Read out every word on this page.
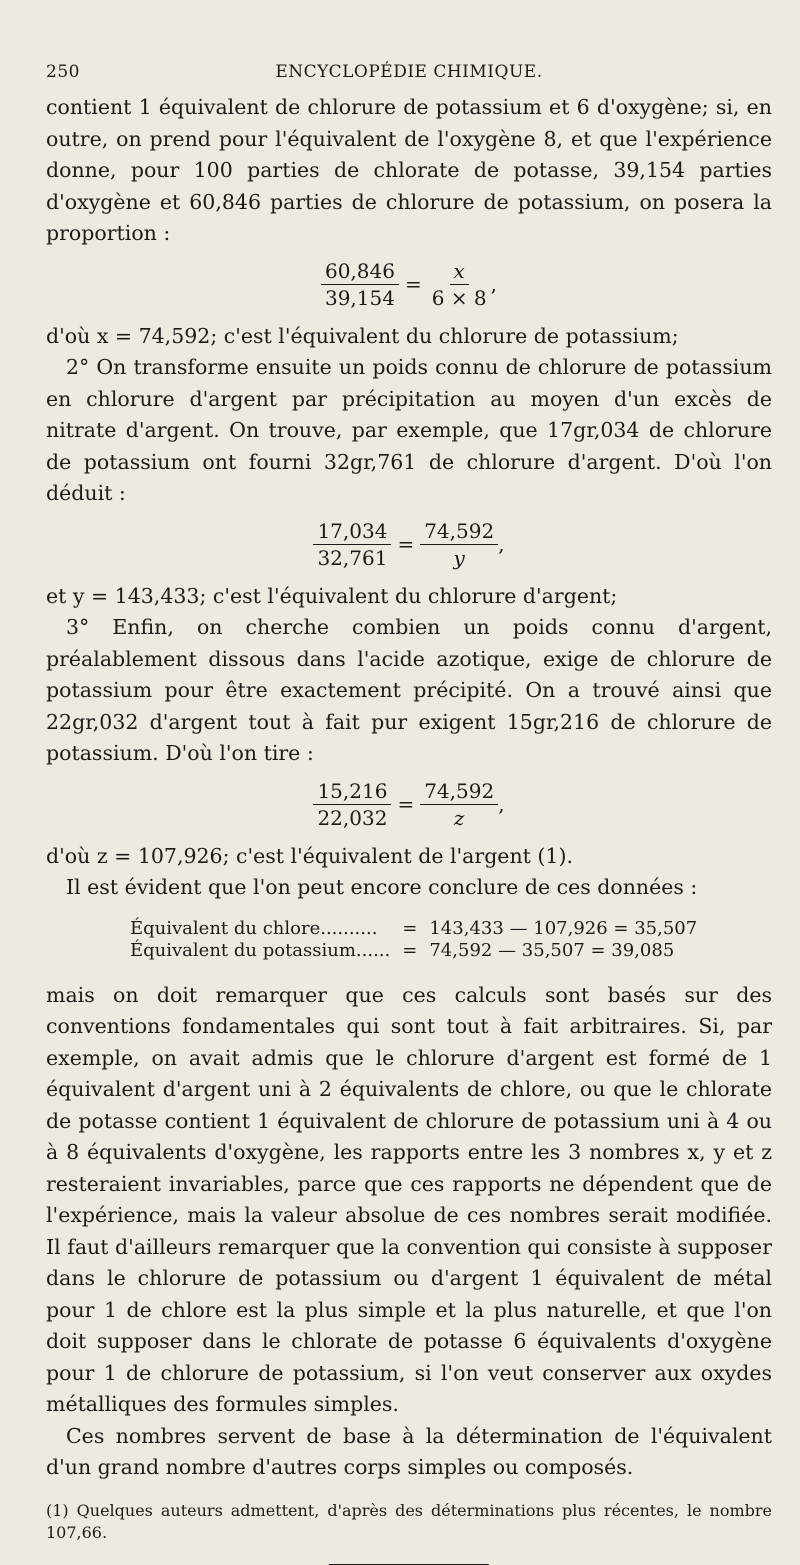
250	ENCYCLOPÉDIE CHIMIQUE.

contient 1 équivalent de chlorure de potassium et 6 d'oxygène; si, en outre, on prend pour l'équivalent de l'oxygène 8, et que l'expérience donne, pour 100 parties de chlorate de potasse, 39,154 parties d'oxygène et 60,846 parties de chlorure de potassium, on posera la proportion :

$\frac{60,846}{39,154} = \frac{x}{6 \times 8}$ ,

d'où x = 74,592; c'est l'équivalent du chlorure de potassium;

2° On transforme ensuite un poids connu de chlorure de potassium en chlorure d'argent par précipitation au moyen d'un excès de nitrate d'argent. On trouve, par exemple, que 17gr,034 de chlorure de potassium ont fourni 32gr,761 de chlorure d'argent. D'où l'on déduit :

$\frac{17,034}{32,761} = \frac{74,592}{y}$ ,

et y = 143,433; c'est l'équivalent du chlorure d'argent;

3° Enfin, on cherche combien un poids connu d'argent, préalablement dissous dans l'acide azotique, exige de chlorure de potassium pour être exactement précipité. On a trouvé ainsi que 22gr,032 d'argent tout à fait pur exigent 15gr,216 de chlorure de potassium. D'où l'on tire :

$\frac{15,216}{22,032} = \frac{74,592}{z}$ ,

d'où z = 107,926; c'est l'équivalent de l'argent (1).

Il est évident que l'on peut encore conclure de ces données :

Équivalent du chlore..........	=	143,433 — 107,926 = 35,507
Équivalent du potassium......	=	74,592 — 35,507 = 39,085

mais on doit remarquer que ces calculs sont basés sur des conventions fondamentales qui sont tout à fait arbitraires. Si, par exemple, on avait admis que le chlorure d'argent est formé de 1 équivalent d'argent uni à 2 équivalents de chlore, ou que le chlorate de potasse contient 1 équivalent de chlorure de potassium uni à 4 ou à 8 équivalents d'oxygène, les rapports entre les 3 nombres x, y et z resteraient invariables, parce que ces rapports ne dépendent que de l'expérience, mais la valeur absolue de ces nombres serait modifiée. Il faut d'ailleurs remarquer que la convention qui consiste à supposer dans le chlorure de potassium ou d'argent 1 équivalent de métal pour 1 de chlore est la plus simple et la plus naturelle, et que l'on doit supposer dans le chlorate de potasse 6 équivalents d'oxygène pour 1 de chlorure de potassium, si l'on veut conserver aux oxydes métalliques des formules simples.

Ces nombres servent de base à la détermination de l'équivalent d'un grand nombre d'autres corps simples ou composés.

(1) Quelques auteurs admettent, d'après des déterminations plus récentes, le nombre 107,66.
